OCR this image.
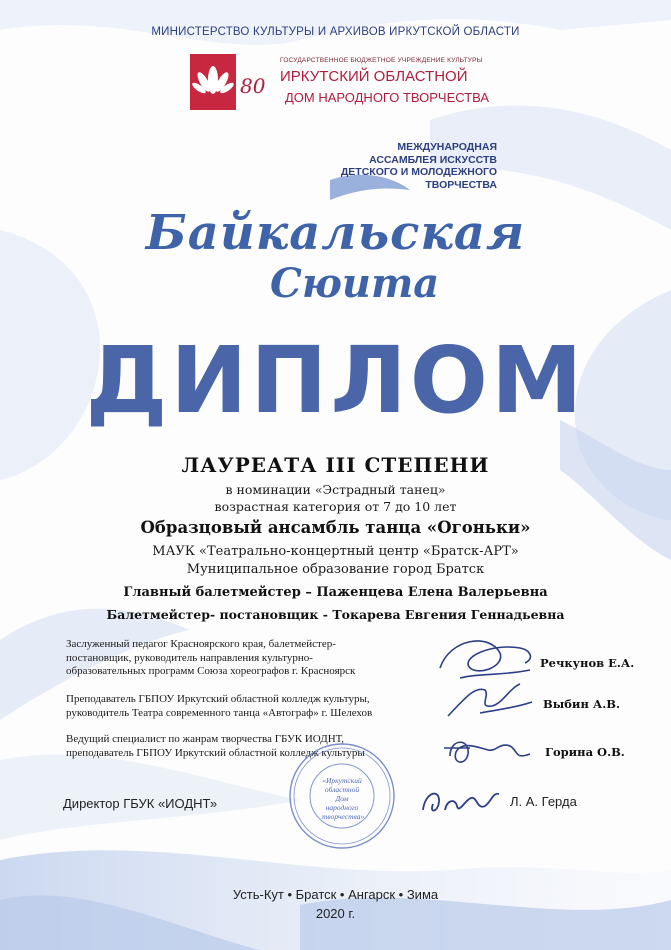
МИНИСТЕРСТВО КУЛЬТУРЫ И АРХИВОВ ИРКУТСКОЙ ОБЛАСТИ
80
ГОСУДАРСТВЕННОЕ БЮДЖЕТНОЕ УЧРЕЖДЕНИЕ КУЛЬТУРЫ
ИРКУТСКИЙ ОБЛАСТНОЙ
ДОМ НАРОДНОГО ТВОРЧЕСТВА
МЕЖДУНАРОДНАЯ
АССАМБЛЕЯ ИСКУССТВ
ДЕТСКОГО И МОЛОДЕЖНОГО
ТВОРЧЕСТВА
Байкальская
Сюита
ДИПЛОМ
ЛАУРЕАТА III СТЕПЕНИ
в номинации «Эстрадный танец»
возрастная категория от 7 до 10 лет
Образцовый ансамбль танца «Огоньки»
МАУК «Театрально-концертный центр «Братск-АРТ»
Муниципальное образование город Братск
Главный балетмейстер – Паженцева Елена Валерьевна
Балетмейстер- постановщик - Токарева Евгения Геннадьевна
Заслуженный педагог Красноярского края, балетмейстер-
постановщик, руководитель направления культурно-
образовательных программ Союза хореографов г. Красноярск
Преподаватель ГБПОУ Иркутский областной колледж культуры,
руководитель Театра современного танца «Автограф» г. Шелехов
Ведущий специалист по жанрам творчества ГБУК ИОДНТ,
преподаватель ГБПОУ Иркутский областной колледж культуры
Речкунов Е.А.
Выбин А.В.
Горина О.В.
«Иркутский
областной
Дом народного
творчества»
Директор ГБУК «ИОДНТ»	Л. А. Герда
Усть-Кут • Братск • Ангарск • Зима
2020 г.
